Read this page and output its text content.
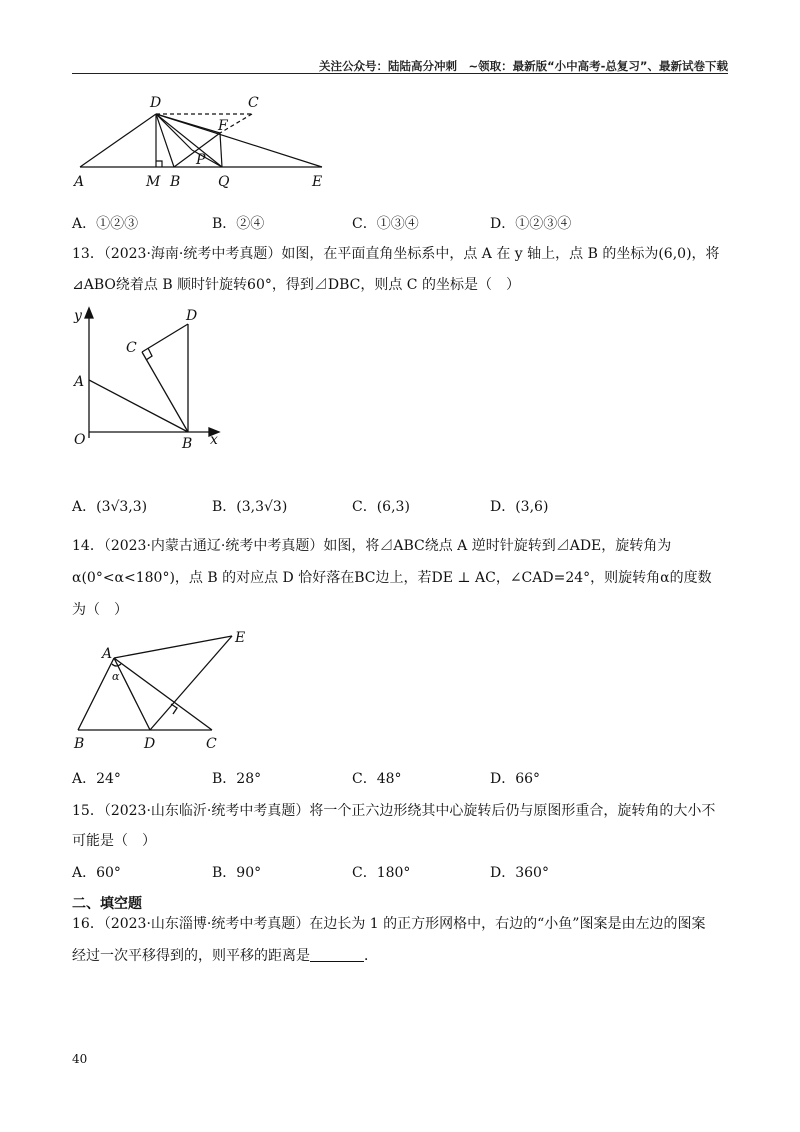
关注公众号：陆陆高分冲刺　~领取：最新版“小中高考-总复习”、最新试卷下载
D	C
F
P
A	M B	Q	E
A．①②③	B．②④	C．①③④	D．①②③④
13．（2023·海南·统考中考真题）如图，在平面直角坐标系中，点 A 在 y 轴上，点 B 的坐标为(6,0)，将
⊿ABO绕着点 B 顺时针旋转60°，得到⊿DBC，则点 C 的坐标是（　）
y	D
C
A
O	B x
A．(3√3,3)	B．(3,3√3)	C．(6,3)	D．(3,6)
14．（2023·内蒙古通辽·统考中考真题）如图，将⊿ABC绕点 A 逆时针旋转到⊿ADE，旋转角为
α(0°<α<180°)，点 B 的对应点 D 恰好落在BC边上，若DE ⊥ AC，∠CAD=24°，则旋转角α的度数
为（　）
A
E
α
B	D	C
A．24°	B．28°	C．48°	D．66°
15．（2023·山东临沂·统考中考真题）将一个正六边形绕其中心旋转后仍与原图形重合，旋转角的大小不
可能是（　）
A．60°	B．90°	C．180°	D．360°
二、填空题
16．（2023·山东淄博·统考中考真题）在边长为 1 的正方形网格中，右边的“小鱼”图案是由左边的图案
经过一次平移得到的，则平移的距离是	．
40
